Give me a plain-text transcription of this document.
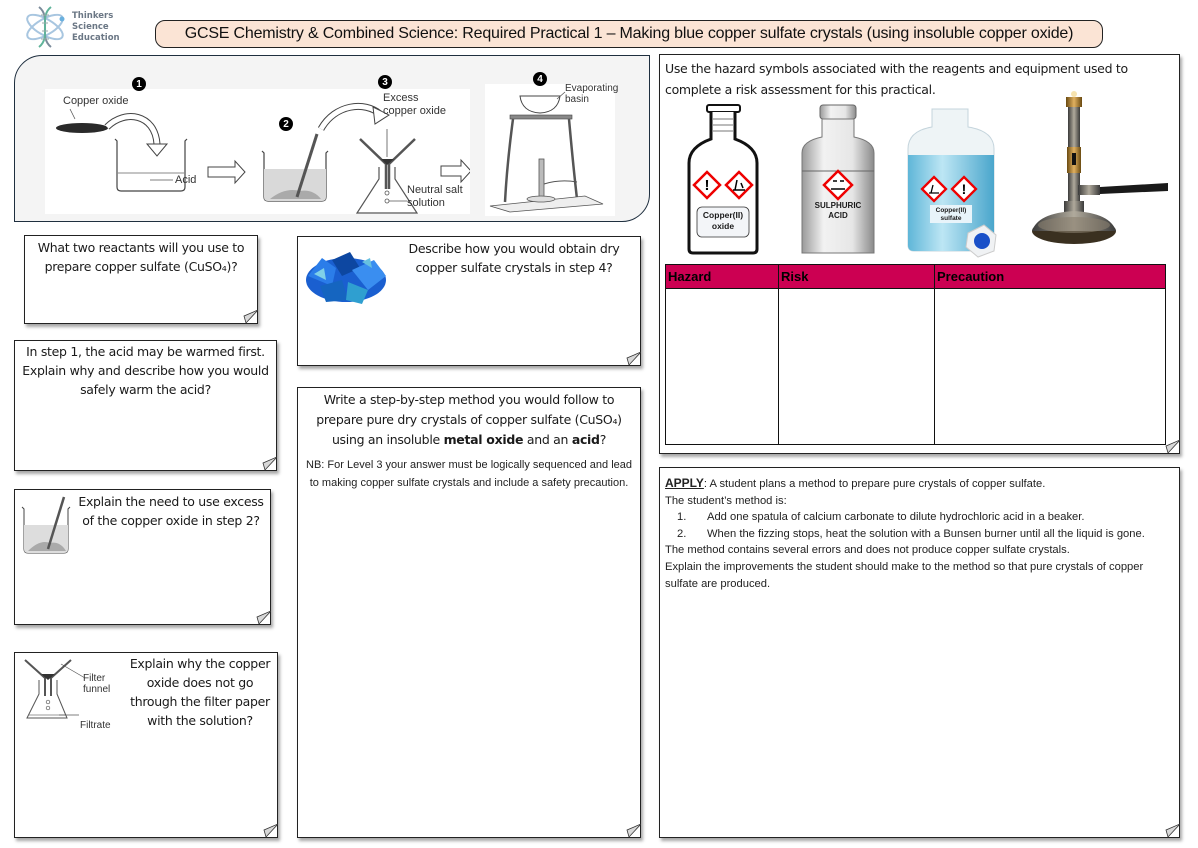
Thinkers
Science
Education	GCSE Chemistry & Combined Science: Required Practical 1 – Making blue copper sulfate crystals (using insoluble copper oxide)
1
2
3
Copper oxide
Acid
Excess
copper oxide
Neutral salt
solution
4
Evaporating
basin
What two reactants will you use to prepare copper sulfate (CuSO₄)?
In step 1, the acid may be warmed first. Explain why and describe how you would safely warm the acid?
Explain the need to use excess of the copper oxide in step 2?
Filter
funnel
Filtrate
Explain why the copper oxide does not go through the filter paper with the solution?
Describe how you would obtain dry copper sulfate crystals in step 4?
Write a step-by-step method you would follow to prepare pure dry crystals of copper sulfate (CuSO₄) using an insoluble metal oxide and an acid?
NB: For Level 3 your answer must be logically sequenced and lead to making copper sulfate crystals and include a safety precaution.
Use the hazard symbols associated with the reagents and equipment used to complete a risk assessment for this practical.
!
Copper(II)
oxide
SULPHURIC
ACID
!
Copper(II)
sulfate
Hazard	Risk	Precaution

APPLY: A student plans a method to prepare pure crystals of copper sulfate.
The student’s method is:
1.	Add one spatula of calcium carbonate to dilute hydrochloric acid in a beaker.
2.	When the fizzing stops, heat the solution with a Bunsen burner until all the liquid is gone.
The method contains several errors and does not produce copper sulfate crystals.
Explain the improvements the student should make to the method so that pure crystals of copper sulfate are produced.
